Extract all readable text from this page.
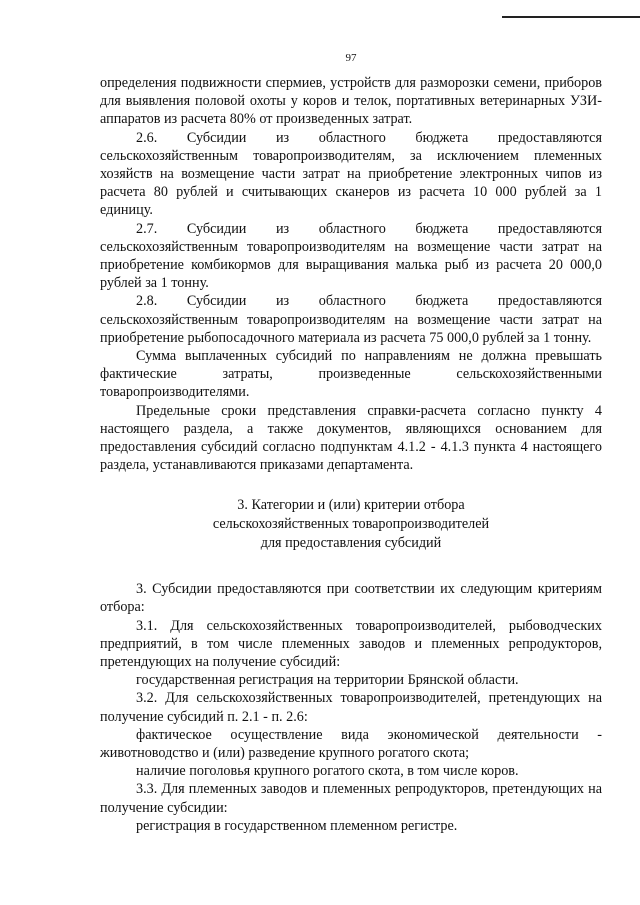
97

определения подвижности спермиев, устройств для разморозки семени, приборов для выявления половой охоты у коров и телок, портативных ветеринарных УЗИ-аппаратов из расчета 80% от произведенных затрат.

2.6. Субсидии из областного бюджета предоставляются сельскохозяйственным товаропроизводителям, за исключением племенных хозяйств на возмещение части затрат на приобретение электронных чипов из расчета 80 рублей и считывающих сканеров из расчета 10 000 рублей за 1 единицу.

2.7. Субсидии из областного бюджета предоставляются сельскохозяйственным товаропроизводителям на возмещение части затрат на приобретение комбикормов для выращивания малька рыб из расчета 20 000,0 рублей за 1 тонну.

2.8. Субсидии из областного бюджета предоставляются сельскохозяйственным товаропроизводителям на возмещение части затрат на приобретение рыбопосадочного материала из расчета 75 000,0 рублей за 1 тонну.

Сумма выплаченных субсидий по направлениям не должна превышать фактические затраты, произведенные сельскохозяйственными товаропроизводителями.

Предельные сроки представления справки-расчета согласно пункту 4 настоящего раздела, а также документов, являющихся основанием для предоставления субсидий согласно подпунктам 4.1.2 - 4.1.3 пункта 4 настоящего раздела, устанавливаются приказами департамента.

3. Категории и (или) критерии отбора

сельскохозяйственных товаропроизводителей

для предоставления субсидий

3. Субсидии предоставляются при соответствии их следующим критериям отбора:

3.1. Для сельскохозяйственных товаропроизводителей, рыбоводческих предприятий, в том числе племенных заводов и племенных репродукторов, претендующих на получение субсидий:

государственная регистрация на территории Брянской области.

3.2. Для сельскохозяйственных товаропроизводителей, претендующих на получение субсидий п. 2.1 - п. 2.6:

фактическое осуществление вида экономической деятельности - животноводство и (или) разведение крупного рогатого скота;

наличие поголовья крупного рогатого скота, в том числе коров.

3.3. Для племенных заводов и племенных репродукторов, претендующих на получение субсидии:

регистрация в государственном племенном регистре.
